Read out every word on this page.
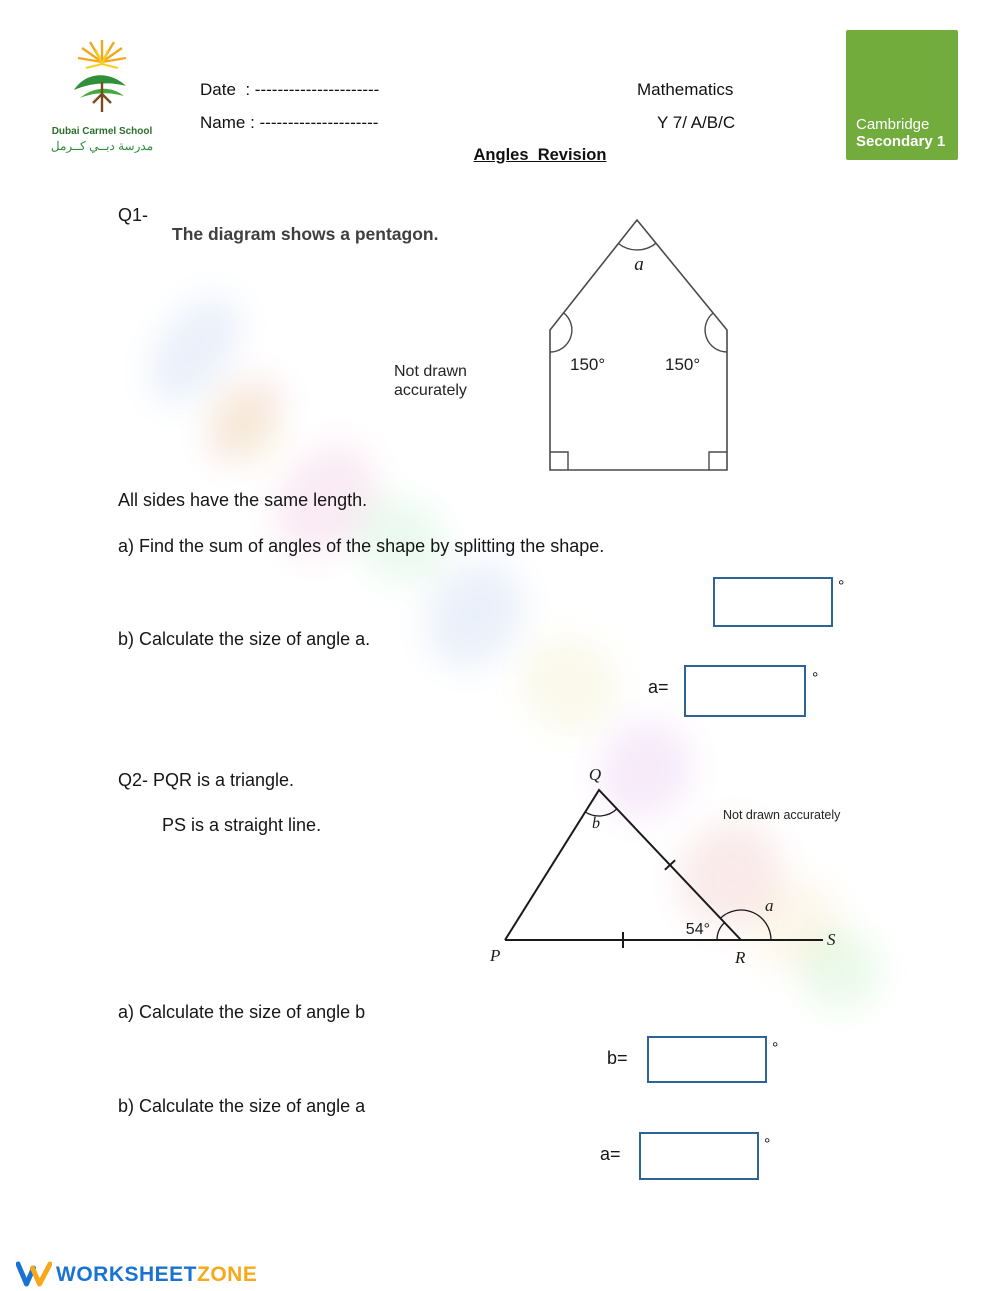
Dubai Carmel School
مدرسة دبــي كــرمل
Date  : ----------------------
Name : ---------------------
Mathematics
Y 7/ A/B/C	Cambridge
Secondary 1
Angles  Revision
Q1-
The diagram shows a pentagon.
a
150°	150°
Not drawn
accurately
All sides have the same length.
a) Find the sum of angles of the shape by splitting the shape.
°
b) Calculate the size of angle a.
a=	°
Q2- PQR is a triangle.
PS is a straight line.
Q
b
54°
a
P	R
S
Not drawn accurately
a) Calculate the size of angle b
b=	°
b) Calculate the size of angle a
a=	°
WORKSHEETZONE
